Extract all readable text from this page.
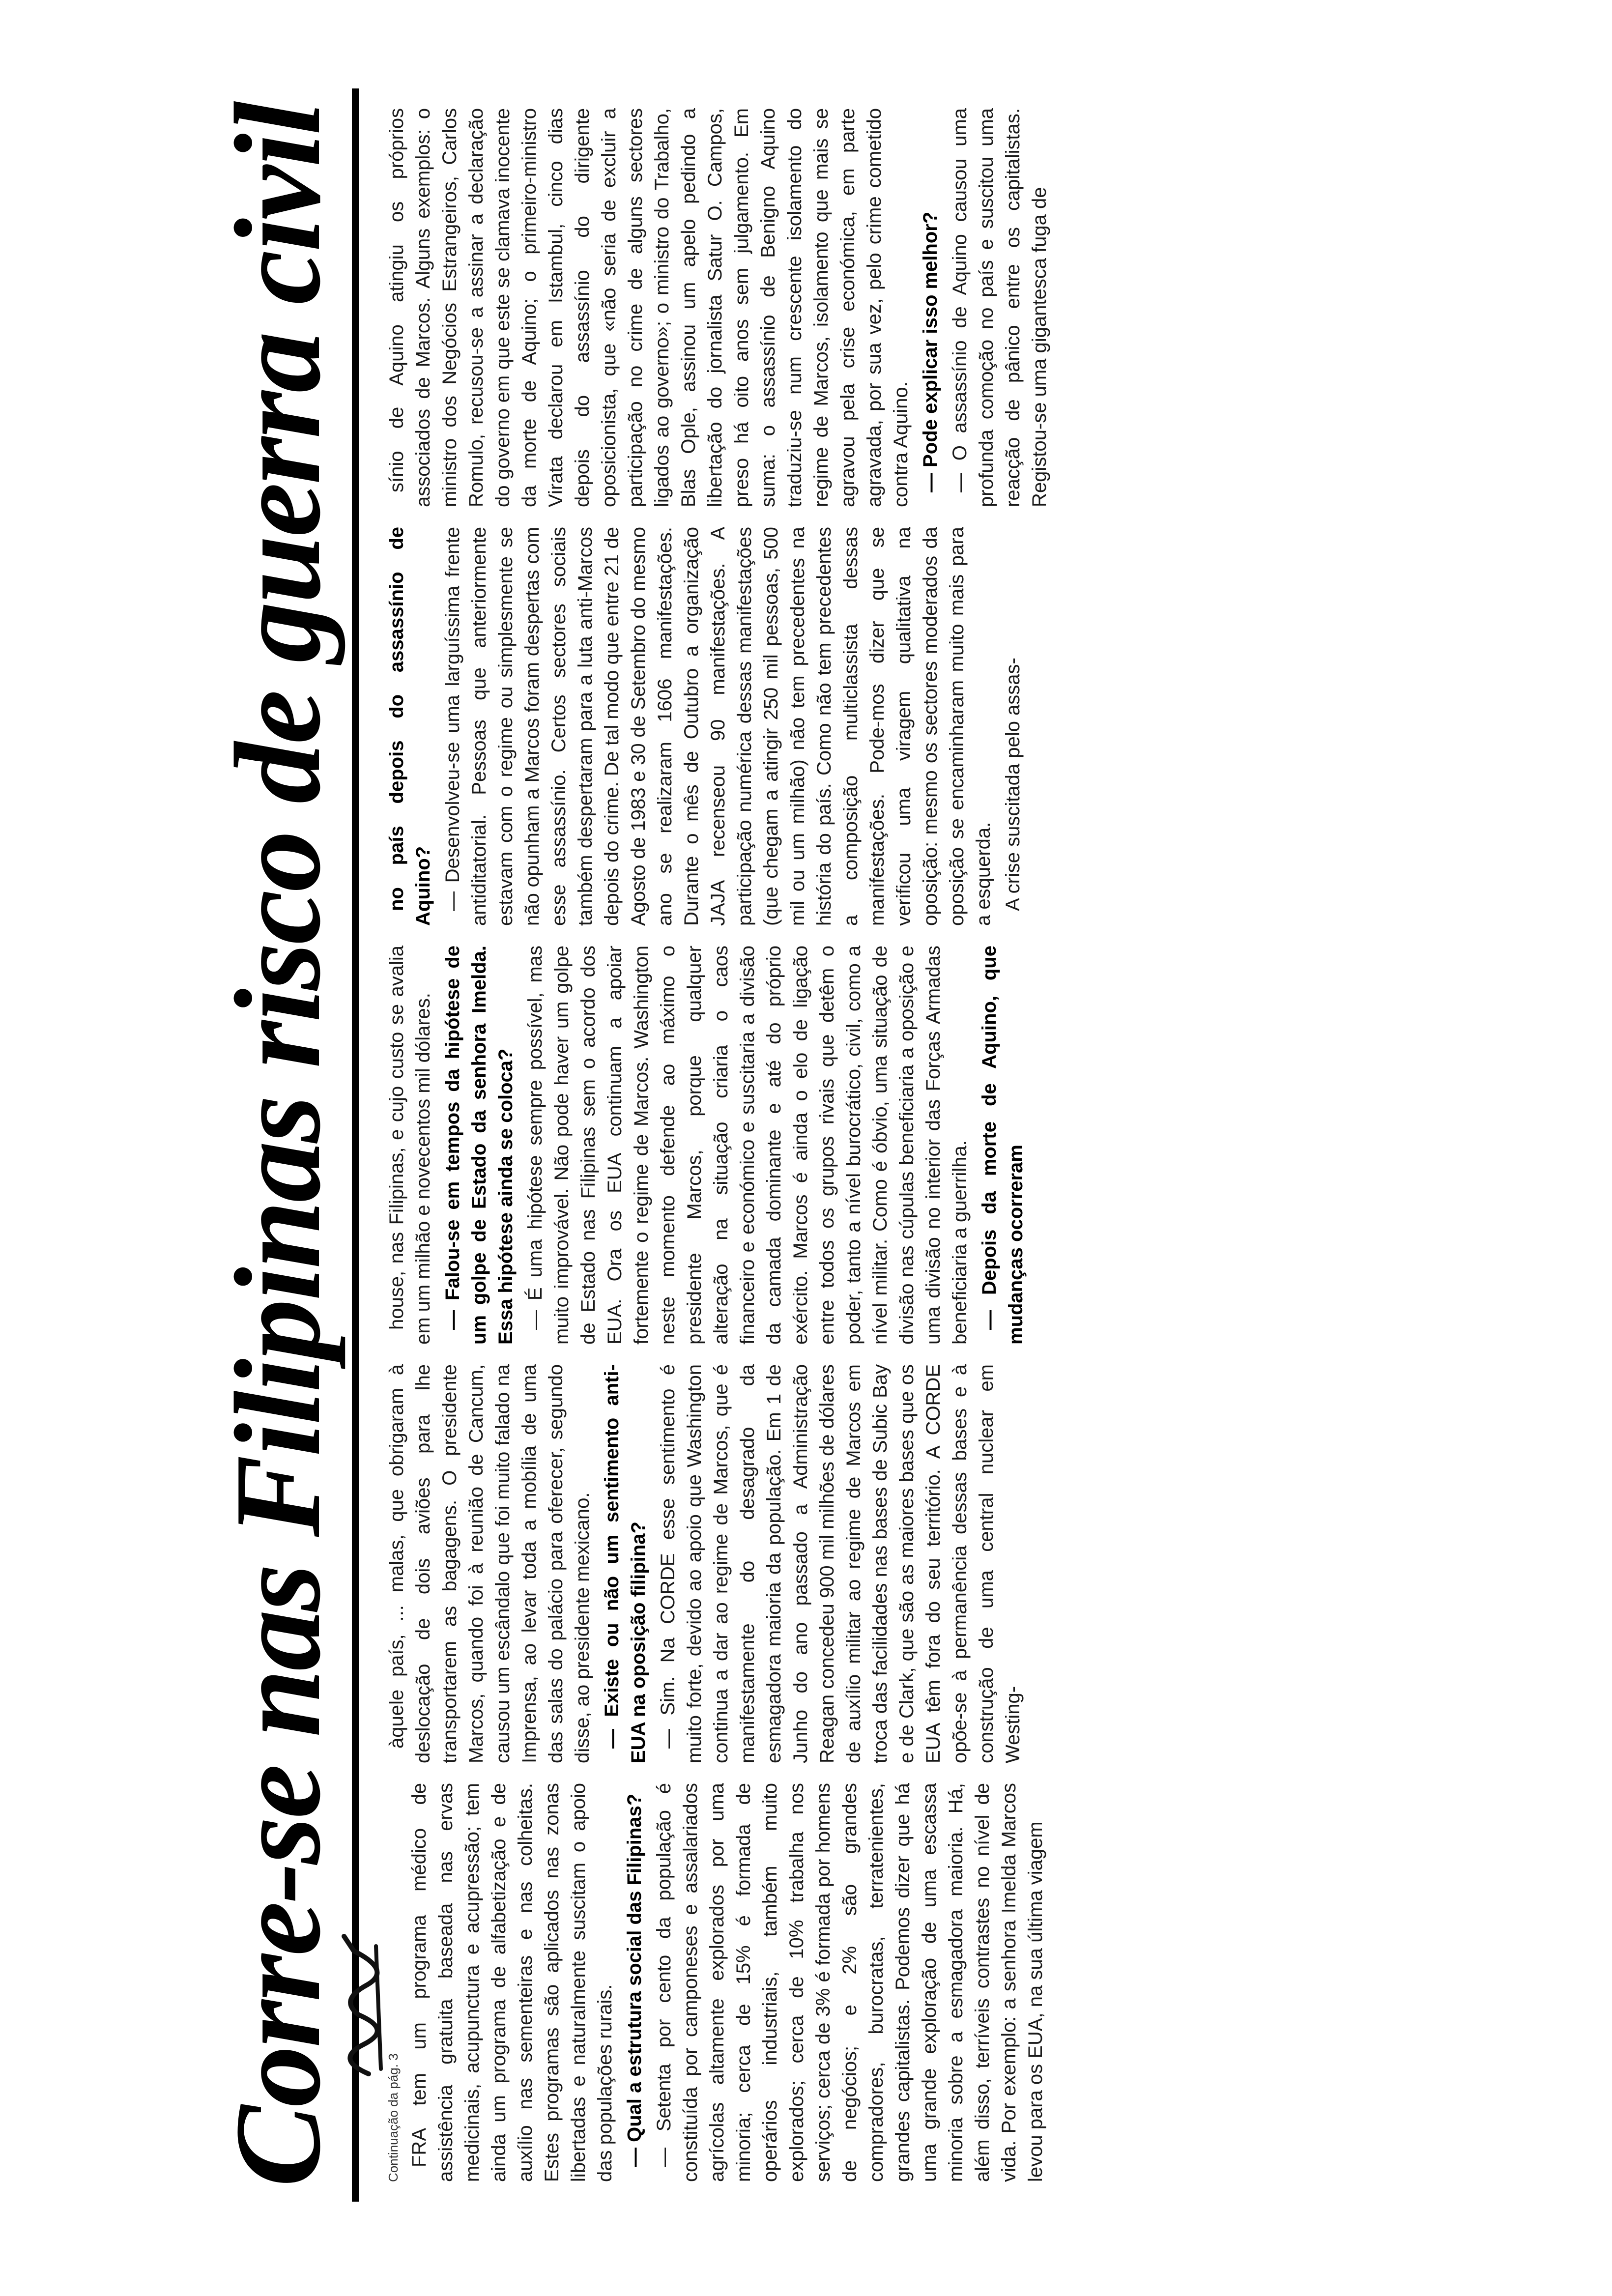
Corre-se nas Filipinas risco de guerra civil	Continuação da pág. 3 FRA tem um programa médico de assistência gratuita baseada nas ervas medicinais, acupunctura e acupressão; tem ainda um programa de alfabetização e de auxílio nas sementeiras e nas colheitas. Estes programas são aplicados nas zonas libertadas e naturalmente suscitam o apoio das populações rurais. — Qual a estrutura social das Filipinas? — Setenta por cento da população é constituída por camponeses e assalariados agrícolas altamente explorados por uma minoria; cerca de 15% é formada de operários industriais, também muito explorados; cerca de 10% trabalha nos serviços; cerca de 3% é formada por homens de negócios; e 2% são grandes compradores, burocratas, terratenientes, grandes capitalistas. Podemos dizer que há uma grande exploração de uma escassa minoria sobre a esmagadora maioria. Há, além disso, terríveis contrastes no nível de vida. Por exemplo: a senhora Imelda Marcos levou para os EUA, na sua última viagem

àquele país, ... malas, que obrigaram à deslocação de dois aviões para lhe transportarem as bagagens. O presidente Marcos, quando foi à reunião de Cancum, causou um escândalo que foi muito falado na Imprensa, ao levar toda a mobília de uma das salas do palácio para oferecer, segundo disse, ao presidente mexicano. — Existe ou não um sentimento anti-EUA na oposição filipina? — Sim. Na CORDE esse sentimento é muito forte, devido ao apoio que Washington continua a dar ao regime de Marcos, que é manifestamente do desagrado da esmagadora maioria da população. Em 1 de Junho do ano passado a Administração Reagan concedeu 900 mil milhões de dólares de auxílio militar ao regime de Marcos em troca das facilidades nas bases de Subic Bay e de Clark, que são as maiores bases que os EUA têm fora do seu território. A CORDE opõe-se à permanência dessas bases e à construção de uma central nuclear em Westing-

house, nas Filipinas, e cujo custo se avalia em um milhão e novecentos mil dólares. — Falou-se em tempos da hipótese de um golpe de Estado da senhora Imelda. Essa hipótese ainda se coloca? — É uma hipótese sempre possível, mas muito improvável. Não pode haver um golpe de Estado nas Filipinas sem o acordo dos EUA. Ora os EUA continuam a apoiar fortemente o regime de Marcos. Washington neste momento defende ao máximo o presidente Marcos, porque qualquer alteração na situação criaria o caos financeiro e económico e suscitaria a divisão da camada dominante e até do próprio exército. Marcos é ainda o elo de ligação entre todos os grupos rivais que detêm o poder, tanto a nível burocrático, civil, como a nível militar. Como é óbvio, uma situação de divisão nas cúpulas beneficiaria a oposição e uma divisão no interior das Forças Armadas beneficiaria a guerrilha. — Depois da morte de Aquino, que mudanças ocorreram

no país depois do assassínio de Aquino? — Desenvolveu-se uma larguíssima frente antiditatorial. Pessoas que anteriormente estavam com o regime ou simplesmente se não opunham a Marcos foram despertas com esse assassínio. Certos sectores sociais também despertaram para a luta anti-Marcos depois do crime. De tal modo que entre 21 de Agosto de 1983 e 30 de Setembro do mesmo ano se realizaram 1606 manifestações. Durante o mês de Outubro a organização JAJA recenseou 90 manifestações. A participação numérica dessas manifestações (que chegam a atingir 250 mil pessoas, 500 mil ou um milhão) não tem precedentes na história do país. Como não tem precedentes a composição multiclassista dessas manifestações. Pode-mos dizer que se verificou uma viragem qualitativa na oposição: mesmo os sectores moderados da oposição se encaminharam muito mais para a esquerda. A crise suscitada pelo assas-

sínio de Aquino atingiu os próprios associados de Marcos. Alguns exemplos: o ministro dos Negócios Estrangeiros, Carlos Romulo, recusou-se a assinar a declaração do governo em que este se clamava inocente da morte de Aquino; o primeiro-ministro Virata declarou em Istambul, cinco dias depois do assassínio do dirigente oposicionista, que «não seria de excluir a participação no crime de alguns sectores ligados ao governo»; o ministro do Trabalho, Blas Ople, assinou um apelo pedindo a libertação do jornalista Satur O. Campos, preso há oito anos sem julgamento. Em suma: o assassínio de Benigno Aquino traduziu-se num crescente isolamento do regime de Marcos, isolamento que mais se agravou pela crise económica, em parte agravada, por sua vez, pelo crime cometido contra Aquino. — Pode explicar isso melhor? — O assassínio de Aquino causou uma profunda comoção no país e suscitou uma reacção de pânico entre os capitalistas. Registou-se uma gigantesca fuga de
